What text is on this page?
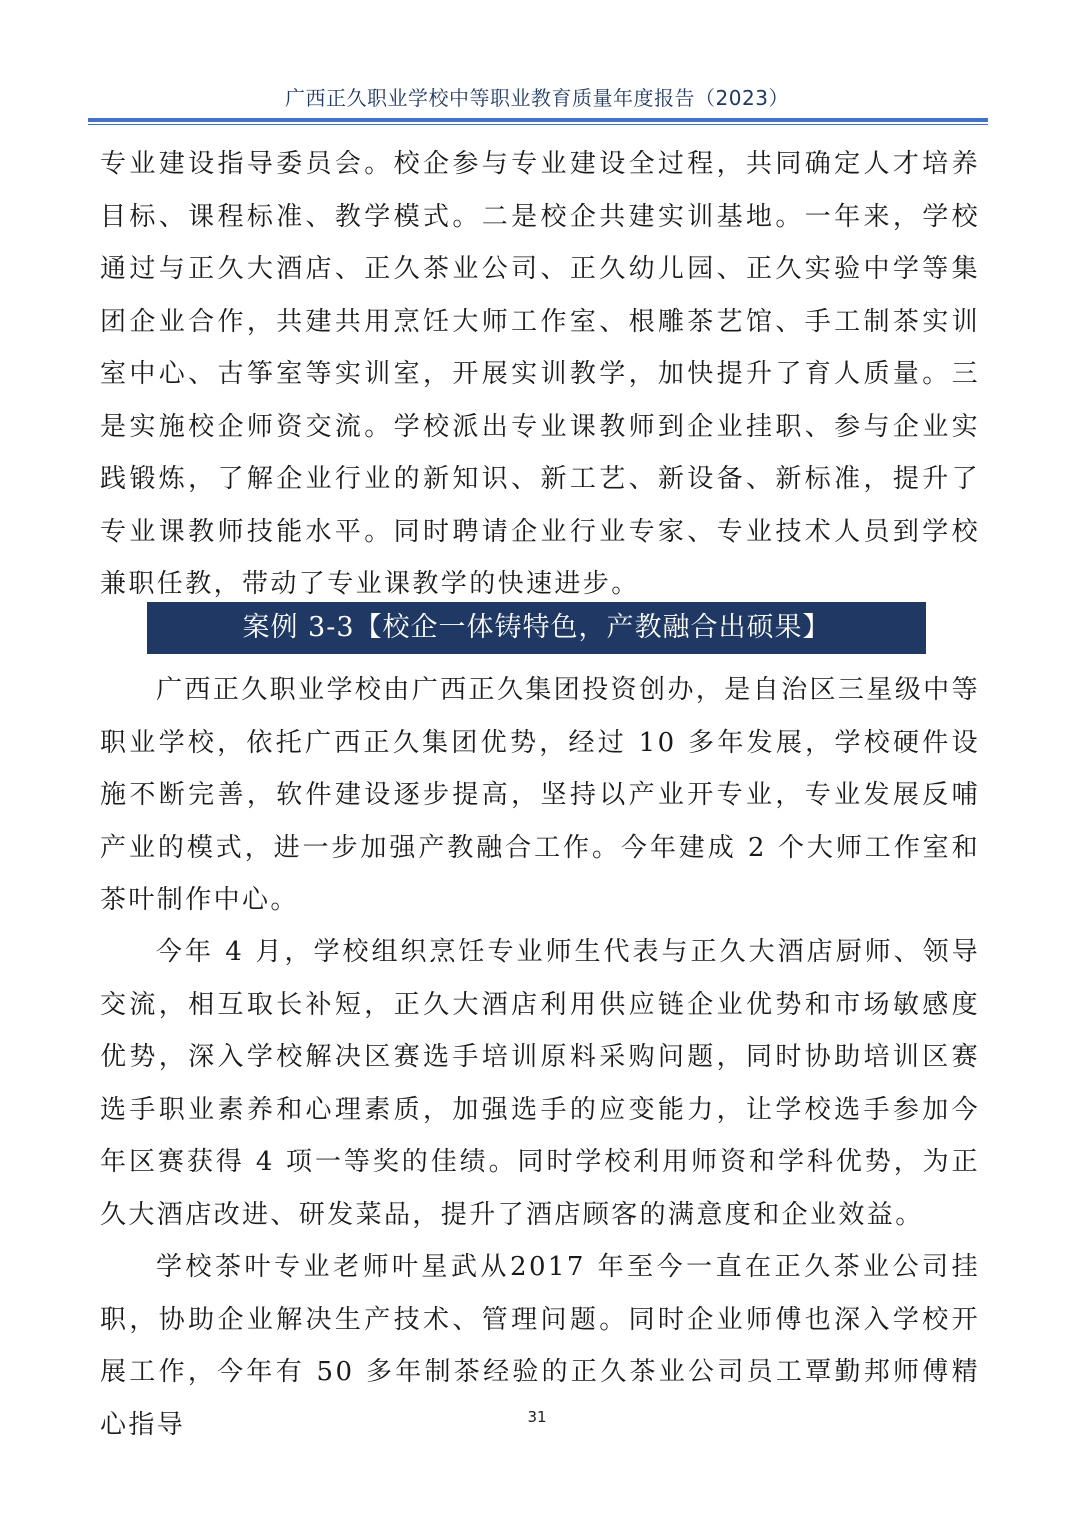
广西正久职业学校中等职业教育质量年度报告（2023）

专业建设指导委员会。校企参与专业建设全过程，共同确定人才培养目标、课程标准、教学模式。二是校企共建实训基地。一年来，学校通过与正久大酒店、正久茶业公司、正久幼儿园、正久实验中学等集团企业合作，共建共用烹饪大师工作室、根雕茶艺馆、手工制茶实训室中心、古筝室等实训室，开展实训教学，加快提升了育人质量。三是实施校企师资交流。学校派出专业课教师到企业挂职、参与企业实践锻炼，了解企业行业的新知识、新工艺、新设备、新标准，提升了专业课教师技能水平。同时聘请企业行业专家、专业技术人员到学校兼职任教，带动了专业课教学的快速进步。

案例 3-3【校企一体铸特色，产教融合出硕果】

广西正久职业学校由广西正久集团投资创办，是自治区三星级中等职业学校，依托广西正久集团优势，经过 10 多年发展，学校硬件设施不断完善，软件建设逐步提高，坚持以产业开专业，专业发展反哺产业的模式，进一步加强产教融合工作。今年建成 2 个大师工作室和茶叶制作中心。

今年 4 月，学校组织烹饪专业师生代表与正久大酒店厨师、领导交流，相互取长补短，正久大酒店利用供应链企业优势和市场敏感度优势，深入学校解决区赛选手培训原料采购问题，同时协助培训区赛选手职业素养和心理素质，加强选手的应变能力，让学校选手参加今年区赛获得 4 项一等奖的佳绩。同时学校利用师资和学科优势，为正久大酒店改进、研发菜品，提升了酒店顾客的满意度和企业效益。

学校茶叶专业老师叶星武从2017 年至今一直在正久茶业公司挂职，协助企业解决生产技术、管理问题。同时企业师傅也深入学校开展工作，今年有 50 多年制茶经验的正久茶业公司员工覃勤邦师傅精心指导	31
